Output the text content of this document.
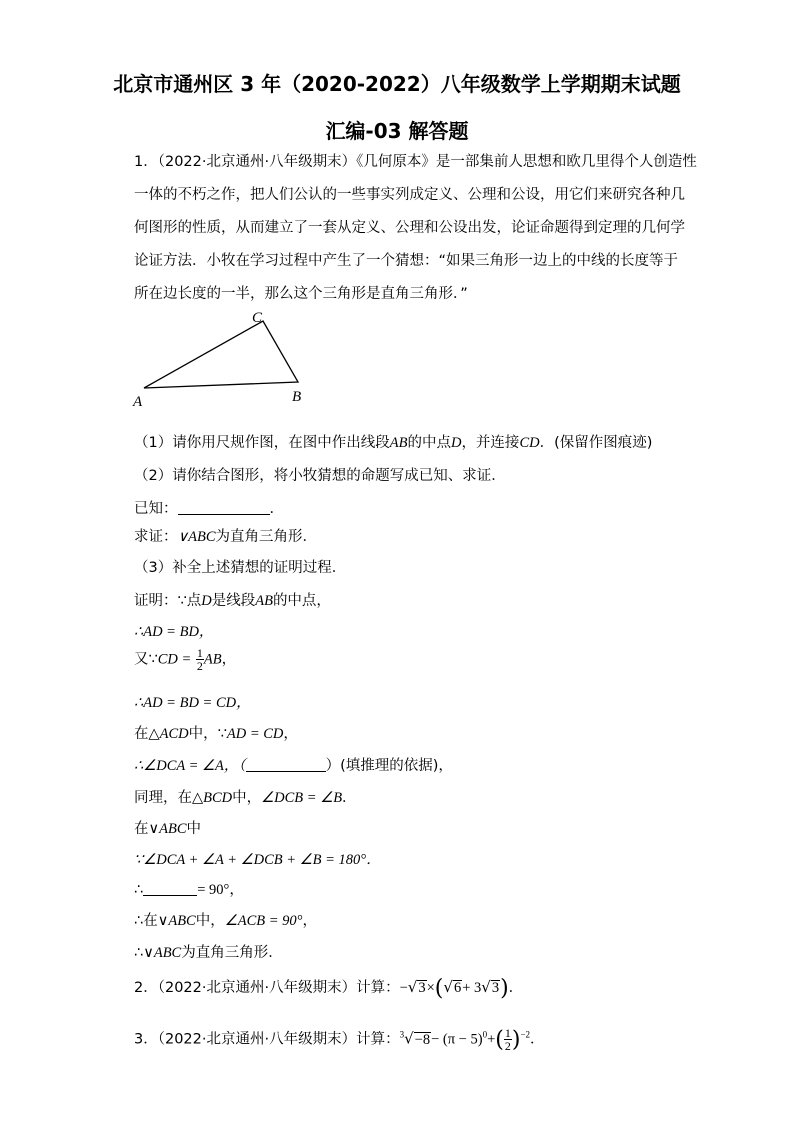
北京市通州区 3 年（2020-2022）八年级数学上学期期末试题
汇编-03 解答题
1．（2022·北京通州·八年级期末）《几何原本》是一部集前人思想和欧几里得个人创造性
一体的不朽之作，把人们公认的一些事实列成定义、公理和公设，用它们来研究各种几
何图形的性质，从而建立了一套从定义、公理和公设出发，论证命题得到定理的几何学
论证方法．小牧在学习过程中产生了一个猜想：“如果三角形一边上的中线的长度等于
所在边长度的一半，那么这个三角形是直角三角形．”
A	B
C
（1）请你用尺规作图，在图中作出线段AB的中点D，并连接CD．(保留作图痕迹)
（2）请你结合图形，将小牧猜想的命题写成已知、求证．
已知：	．
求证：∨ABC为直角三角形．
（3）补全上述猜想的证明过程．
证明：∵点D是线段AB的中点，
∴AD = BD，
又∵CD = $\frac{1}{2}$ AB，
∴AD = BD = CD，
在△ACD中，∵AD = CD，
∴∠DCA = ∠A，（	）(填推理的依据)，
同理，在△BCD中，∠DCB = ∠B．
在∨ABC中
∵∠DCA + ∠A + ∠DCB + ∠B = 180°．
∴	= 90°，
∴在∨ABC中，∠ACB = 90°，
∴∨ABC为直角三角形．
2．（2022·北京通州·八年级期末）计算：−√3×(√6+ 3√3)．
3．（2022·北京通州·八年级期末）计算：$^3√-8- (\pi - 5)^0+( \frac{1}{2} )^{-2}$．
